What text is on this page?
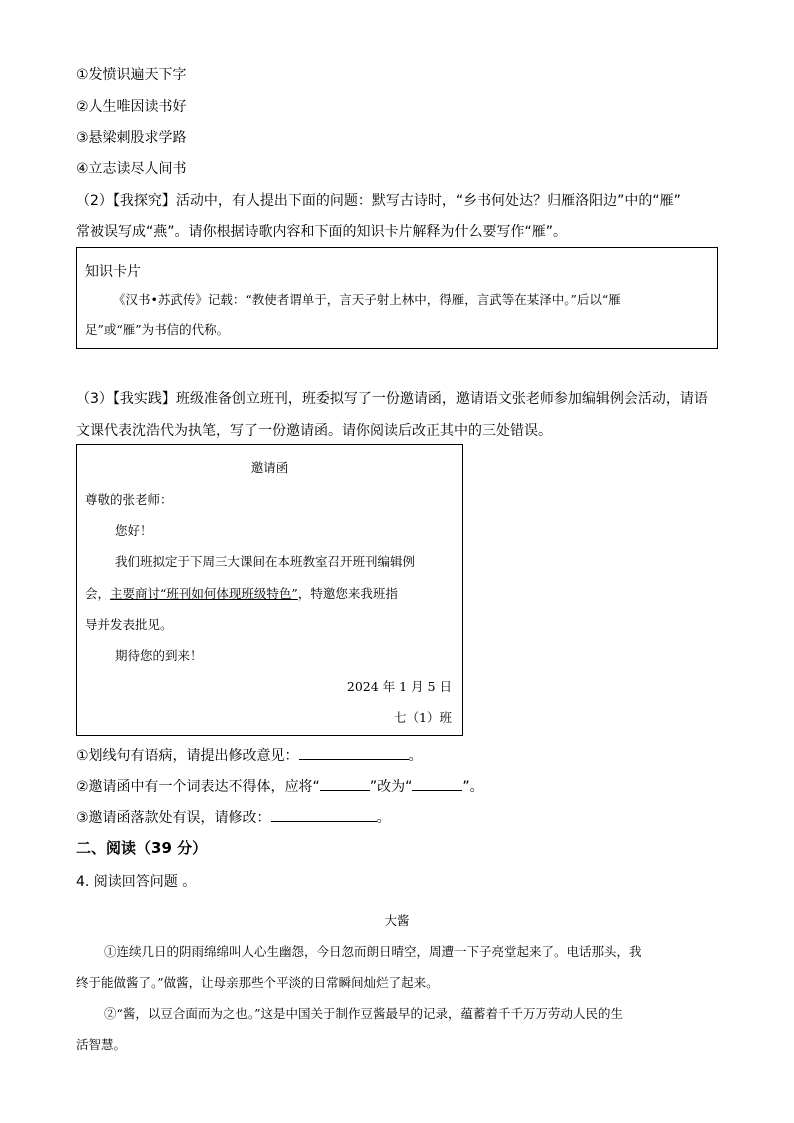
①发愤识遍天下字
②人生唯因读书好
③悬梁刺股求学路
④立志读尽人间书
（2）【我探究】活动中，有人提出下面的问题：默写古诗时，“乡书何处达？归雁洛阳边”中的“雁”
常被误写成“燕”。请你根据诗歌内容和下面的知识卡片解释为什么要写作“雁”。
知识卡片
《汉书•苏武传》记载：“教使者谓单于，言天子射上林中，得雁，言武等在某泽中。”后以“雁
足”或“雁”为书信的代称。
（3）【我实践】班级准备创立班刊，班委拟写了一份邀请函，邀请语文张老师参加编辑例会活动，请语
文课代表沈浩代为执笔，写了一份邀请函。请你阅读后改正其中的三处错误。
邀请函
尊敬的张老师：
您好！
我们班拟定于下周三大课间在本班教室召开班刊编辑例
会，主要商讨“班刊如何体现班级特色”，特邀您来我班指
导并发表批见。
期待您的到来！
2024 年 1 月 5 日
七（1）班
①划线句有语病，请提出修改意见：	。
②邀请函中有一个词表达不得体，应将“	”改为“	”。
③邀请函落款处有误，请修改：	。
二、阅读（39 分）
4. 阅读回答问题 。
大酱
①连续几日的阴雨绵绵叫人心生幽怨，今日忽而朗日晴空，周遭一下子亮堂起来了。电话那头，我
终于能做酱了。”做酱，让母亲那些个平淡的日常瞬间灿烂了起来。
②“酱，以豆合面而为之也。”这是中国关于制作豆酱最早的记录，蕴蓄着千千万万劳动人民的生
活智慧。
